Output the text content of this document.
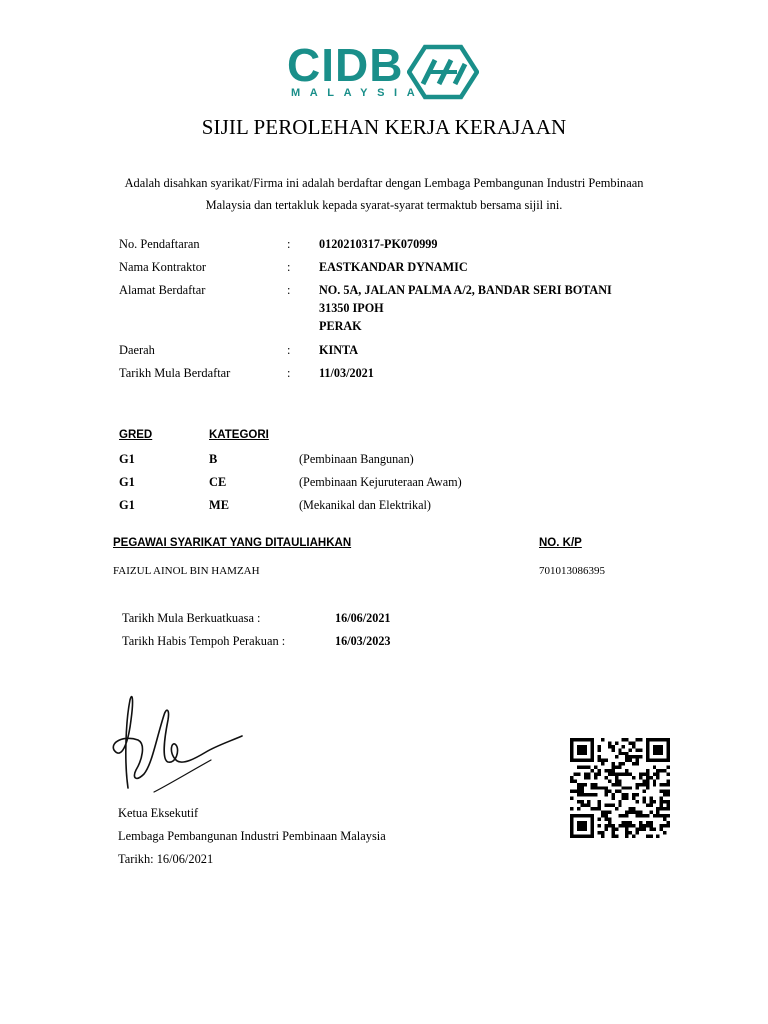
CIDB
MALAYSIA
SIJIL PEROLEHAN KERJA KERAJAAN
Adalah disahkan syarikat/Firma ini adalah berdaftar dengan Lembaga Pembangunan Industri Pembinaan
Malaysia dan tertakluk kepada syarat-syarat termaktub bersama sijil ini.
No. Pendaftaran	: 0120210317-PK070999
Nama Kontraktor	: EASTKANDAR DYNAMIC
Alamat Berdaftar	: NO. 5A, JALAN PALMA A/2, BANDAR SERI BOTANI
31350 IPOH
PERAK
Daerah	: KINTA
Tarikh Mula Berdaftar	: 11/03/2021
GRED	KATEGORI
G1	B	(Pembinaan Bangunan)
G1	CE	(Pembinaan Kejuruteraan Awam)
G1	ME	(Mekanikal dan Elektrikal)
PEGAWAI SYARIKAT YANG DITAULIAHKAN	NO. K/P
FAIZUL AINOL BIN HAMZAH	701013086395
Tarikh Mula Berkuatkuasa :	16/06/2021
Tarikh Habis Tempoh Perakuan :	16/03/2023
Ketua Eksekutif
Lembaga Pembangunan Industri Pembinaan Malaysia
Tarikh: 16/06/2021
